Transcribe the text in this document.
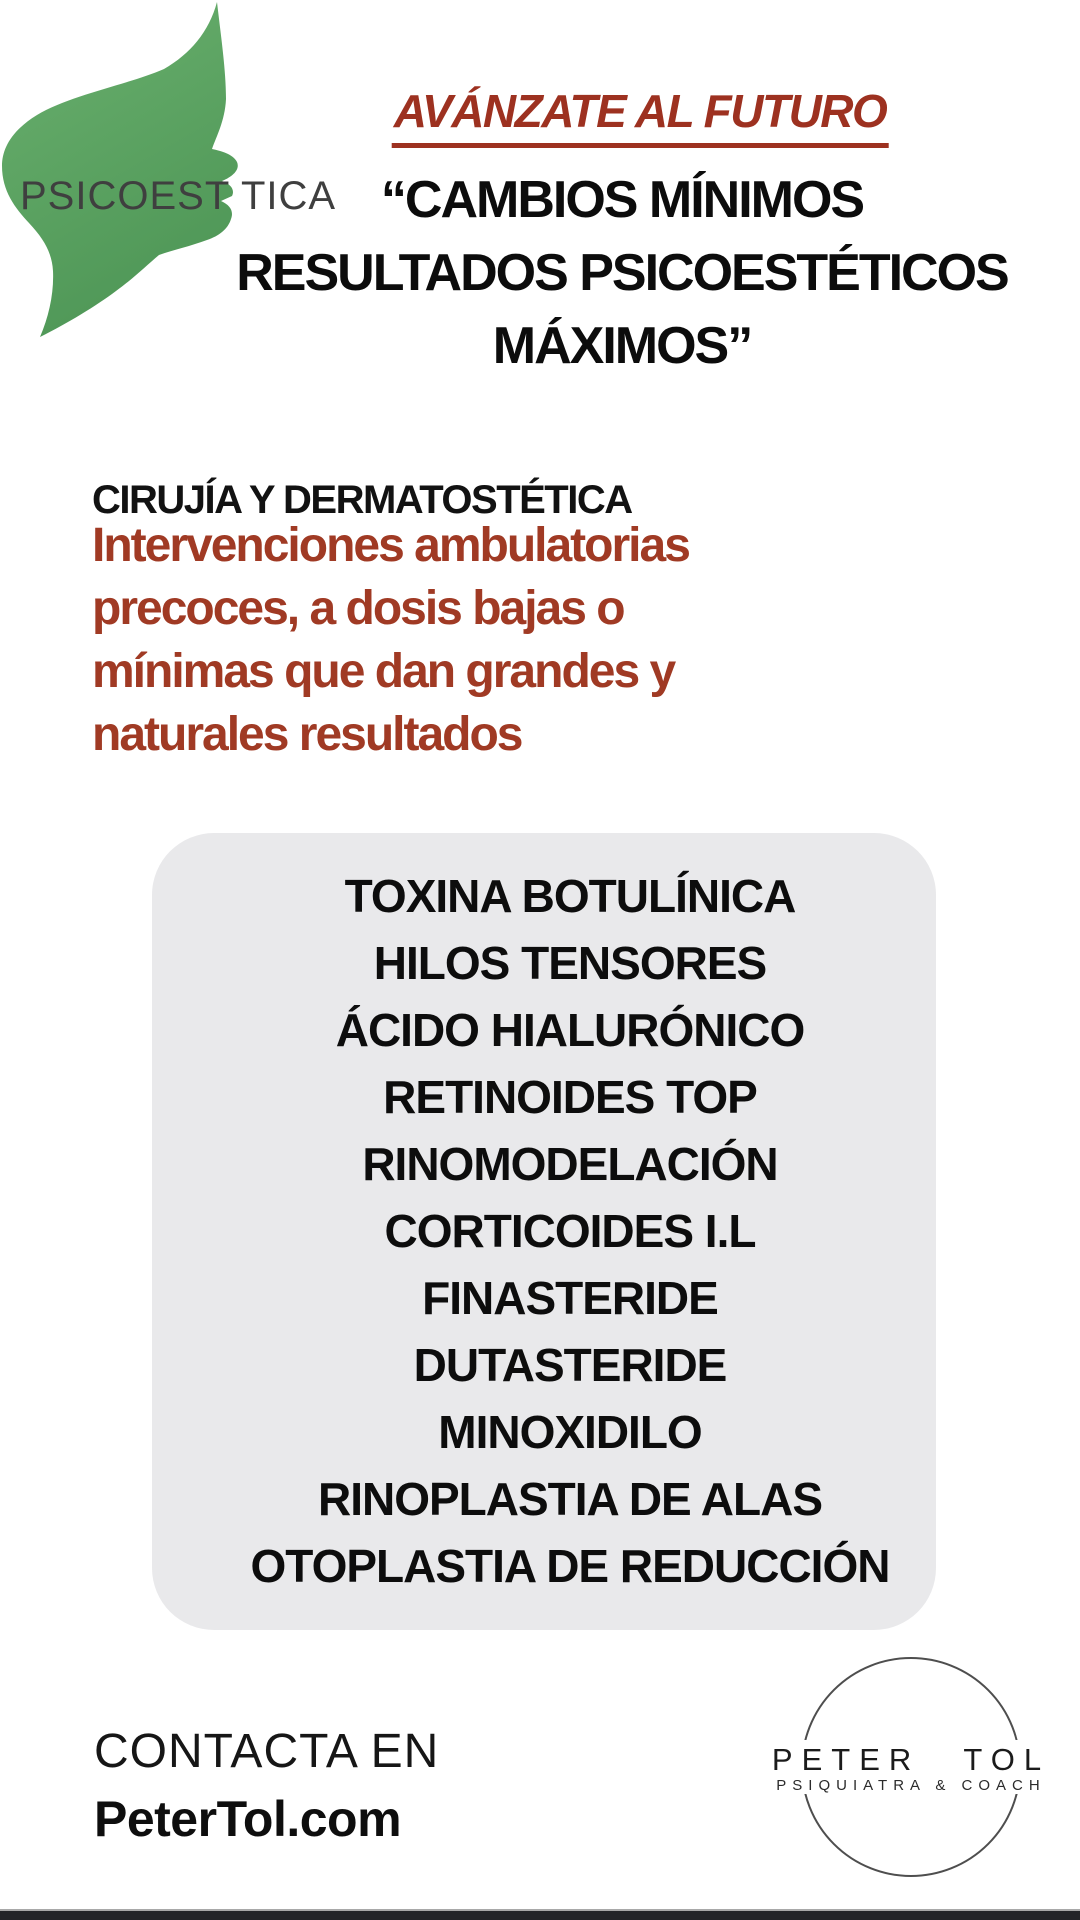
PSICOEST TICA
AVÁNZATE AL FUTURO
“CAMBIOS MÍNIMOS
RESULTADOS PSICOESTÉTICOS
MÁXIMOS”
CIRUJÍA Y DERMATOSTÉTICA
Intervenciones ambulatorias
precoces, a dosis bajas o
mínimas que dan grandes y
naturales resultados
TOXINA BOTULÍNICA
HILOS TENSORES
ÁCIDO HIALURÓNICO
RETINOIDES TOP
RINOMODELACIÓN
CORTICOIDES I.L
FINASTERIDE
DUTASTERIDE
MINOXIDILO
RINOPLASTIA DE ALAS
OTOPLASTIA DE REDUCCIÓN
CONTACTA EN
PeterTol.com
PETER TOL
PSIQUIATRA & COACH
